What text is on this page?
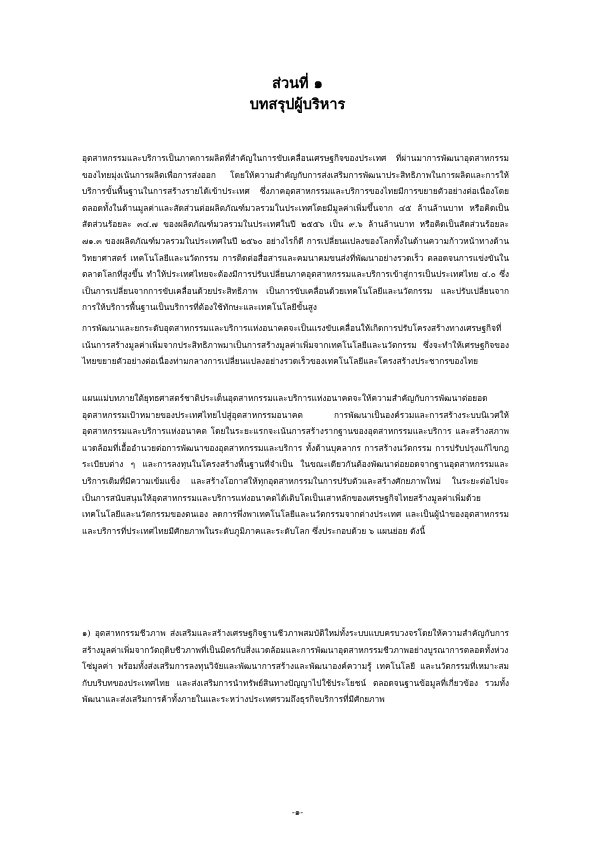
ส่วนที่ ๑
บทสรุปผู้บริหาร

อุตสาหกรรมและบริการเป็นภาคการผลิตที่สำคัญในการขับเคลื่อนเศรษฐกิจของประเทศ ที่ผ่านมาการพัฒนาอุตสาหกรรมของไทยมุ่งเน้นการผลิตเพื่อการส่งออก โดยให้ความสำคัญกับการส่งเสริมการพัฒนาประสิทธิภาพในการผลิตและการให้บริการขั้นพื้นฐานในการสร้างรายได้เข้าประเทศ ซึ่งภาคอุตสาหกรรมและบริการของไทยมีการขยายตัวอย่างต่อเนื่องโดยตลอดทั้งในด้านมูลค่าและสัดส่วนต่อผลิตภัณฑ์มวลรวมในประเทศโดยมีมูลค่าเพิ่มขึ้นจาก ๔๕ ล้านล้านบาท หรือคิดเป็นสัดส่วนร้อยละ ๓๔.๗ ของผลิตภัณฑ์มวลรวมในประเทศในปี ๒๕๕๖ เป็น ๙.๖ ล้านล้านบาท หรือคิดเป็นสัดส่วนร้อยละ ๗๑.๓ ของผลิตภัณฑ์มวลรวมในประเทศในปี ๒๕๖๐ อย่างไรก็ดี การเปลี่ยนแปลงของโลกทั้งในด้านความก้าวหน้าทางด้านวิทยาศาสตร์ เทคโนโลยีและนวัตกรรม การติดต่อสื่อสารและคมนาคมขนส่งที่พัฒนาอย่างรวดเร็ว ตลอดจนการแข่งขันในตลาดโลกที่สูงขึ้น ทำให้ประเทศไทยจะต้องมีการปรับเปลี่ยนภาคอุตสาหกรรมและบริการเข้าสู่การเป็นประเทศไทย ๔.๐ ซึ่งเป็นการเปลี่ยนจากการขับเคลื่อนด้วยประสิทธิภาพ เป็นการขับเคลื่อนด้วยเทคโนโลยีและนวัตกรรม และปรับเปลี่ยนจากการให้บริการพื้นฐานเป็นบริการที่ต้องใช้ทักษะและเทคโนโลยีขั้นสูง

การพัฒนาและยกระดับอุตสาหกรรมและบริการแห่งอนาคตจะเป็นแรงขับเคลื่อนให้เกิดการปรับโครงสร้างทางเศรษฐกิจที่เน้นการสร้างมูลค่าเพิ่มจากประสิทธิภาพมาเป็นการสร้างมูลค่าเพิ่มจากเทคโนโลยีและนวัตกรรม ซึ่งจะทำให้เศรษฐกิจของไทยขยายตัวอย่างต่อเนื่องท่ามกลางการเปลี่ยนแปลงอย่างรวดเร็วของเทคโนโลยีและโครงสร้างประชากรของไทย

แผนแม่บทภายใต้ยุทธศาสตร์ชาติประเด็นอุตสาหกรรมและบริการแห่งอนาคตจะให้ความสำคัญกับการพัฒนาต่อยอดอุตสาหกรรมเป้าหมายของประเทศไทยไปสู่อุตสาหกรรมอนาคต การพัฒนาเป็นองค์รวมและการสร้างระบบนิเวศให้อุตสาหกรรมและบริการแห่งอนาคต โดยในระยะแรกจะเน้นการสร้างรากฐานของอุตสาหกรรมและบริการ และสร้างสภาพแวดล้อมที่เอื้ออำนวยต่อการพัฒนาของอุตสาหกรรมและบริการ ทั้งด้านบุคลากร การสร้างนวัตกรรม การปรับปรุงแก้ไขกฎระเบียบต่าง ๆ และการลงทุนในโครงสร้างพื้นฐานที่จำเป็น ในขณะเดียวกันต้องพัฒนาต่อยอดจากฐานอุตสาหกรรมและบริการเดิมที่มีความเข้มแข็ง และสร้างโอกาสให้ทุกอุตสาหกรรมในการปรับตัวและสร้างศักยภาพใหม่ ในระยะต่อไปจะเป็นการสนับสนุนให้อุตสาหกรรมและบริการแห่งอนาคตได้เติบโตเป็นเสาหลักของเศรษฐกิจไทยสร้างมูลค่าเพิ่มด้วยเทคโนโลยีและนวัตกรรมของตนเอง ลดการพึ่งพาเทคโนโลยีและนวัตกรรมจากต่างประเทศ และเป็นผู้นำของอุตสาหกรรมและบริการที่ประเทศไทยมีศักยภาพในระดับภูมิภาคและระดับโลก ซึ่งประกอบด้วย ๖ แผนย่อย ดังนี้

๑) อุตสาหกรรมชีวภาพ ส่งเสริมและสร้างเศรษฐกิจฐานชีวภาพสมบัติใหม่ทั้งระบบแบบครบวงจรโดยให้ความสำคัญกับการสร้างมูลค่าเพิ่มจากวัตถุดิบชีวภาพที่เป็นมิตรกับสิ่งแวดล้อมและการพัฒนาอุตสาหกรรมชีวภาพอย่างบูรณาการตลอดทั้งห่วงโซ่มูลค่า พร้อมทั้งส่งเสริมการลงทุนวิจัยและพัฒนาการสร้างและพัฒนาองค์ความรู้ เทคโนโลยี และนวัตกรรมที่เหมาะสมกับบริบทของประเทศไทย และส่งเสริมการนำทรัพย์สินทางปัญญาไปใช้ประโยชน์ ตลอดจนฐานข้อมูลที่เกี่ยวข้อง รวมทั้งพัฒนาและส่งเสริมการค้าทั้งภายในและระหว่างประเทศรวมถึงธุรกิจบริการที่มีศักยภาพ

-๑-
